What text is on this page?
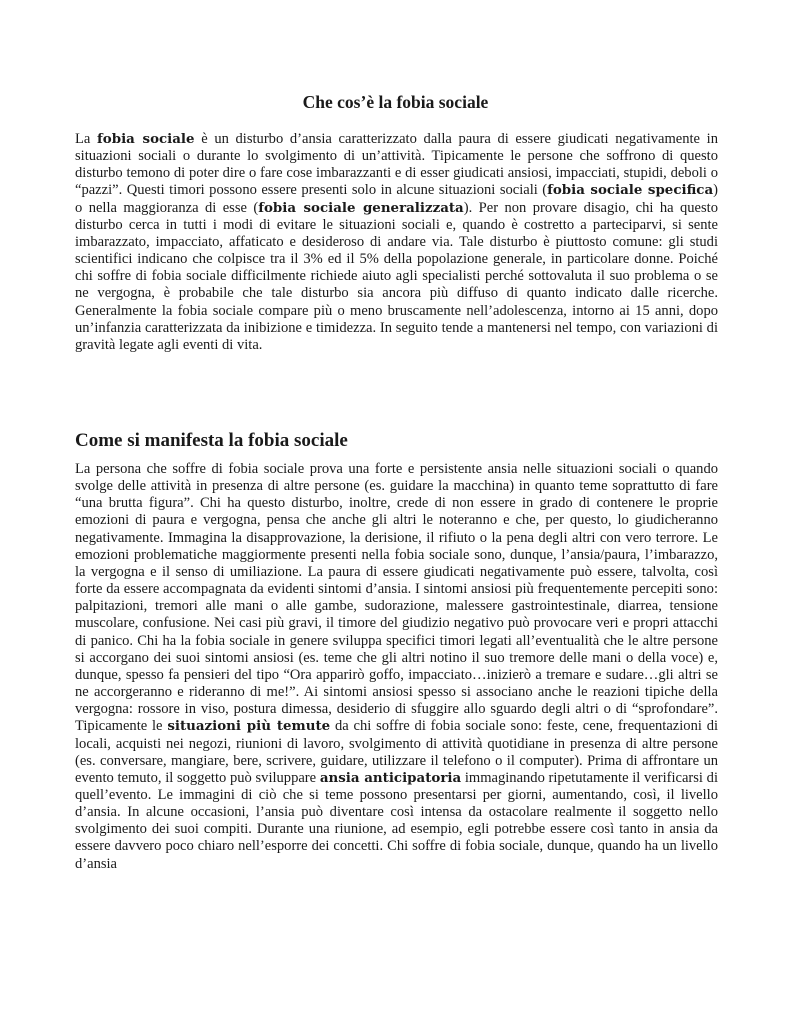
Che cos’è la fobia sociale

La fobia sociale è un disturbo d’ansia caratterizzato dalla paura di essere giudicati negativamente in situazioni sociali o durante lo svolgimento di un’attività. Tipicamente le persone che soffrono di questo disturbo temono di poter dire o fare cose imbarazzanti e di esser giudicati ansiosi, impacciati, stupidi, deboli o “pazzi”. Questi timori possono essere presenti solo in alcune situazioni sociali (fobia sociale specifica) o nella maggioranza di esse (fobia sociale generalizzata). Per non provare disagio, chi ha questo disturbo cerca in tutti i modi di evitare le situazioni sociali e, quando è costretto a parteciparvi, si sente imbarazzato, impacciato, affaticato e desideroso di andare via. Tale disturbo è piuttosto comune: gli studi scientifici indicano che colpisce tra il 3% ed il 5% della popolazione generale, in particolare donne. Poiché chi soffre di fobia sociale difficilmente richiede aiuto agli specialisti perché sottovaluta il suo problema o se ne vergogna, è probabile che tale disturbo sia ancora più diffuso di quanto indicato dalle ricerche. Generalmente la fobia sociale compare più o meno bruscamente nell’adolescenza, intorno ai 15 anni, dopo un’infanzia caratterizzata da inibizione e timidezza. In seguito tende a mantenersi nel tempo, con variazioni di gravità legate agli eventi di vita.

Come si manifesta la fobia sociale

La persona che soffre di fobia sociale prova una forte e persistente ansia nelle situazioni sociali o quando svolge delle attività in presenza di altre persone (es. guidare la macchina) in quanto teme soprattutto di fare “una brutta figura”. Chi ha questo disturbo, inoltre, crede di non essere in grado di contenere le proprie emozioni di paura e vergogna, pensa che anche gli altri le noteranno e che, per questo, lo giudicheranno negativamente. Immagina la disapprovazione, la derisione, il rifiuto o la pena degli altri con vero terrore. Le emozioni problematiche maggiormente presenti nella fobia sociale sono, dunque, l’ansia/paura, l’imbarazzo, la vergogna e il senso di umiliazione. La paura di essere giudicati negativamente può essere, talvolta, così forte da essere accompagnata da evidenti sintomi d’ansia. I sintomi ansiosi più frequentemente percepiti sono: palpitazioni, tremori alle mani o alle gambe, sudorazione, malessere gastrointestinale, diarrea, tensione muscolare, confusione. Nei casi più gravi, il timore del giudizio negativo può provocare veri e propri attacchi di panico. Chi ha la fobia sociale in genere sviluppa specifici timori legati all’eventualità che le altre persone si accorgano dei suoi sintomi ansiosi (es. teme che gli altri notino il suo tremore delle mani o della voce) e, dunque, spesso fa pensieri del tipo “Ora apparirò goffo, impacciato…inizierò a tremare e sudare…gli altri se ne accorgeranno e rideranno di me!”. Ai sintomi ansiosi spesso si associano anche le reazioni tipiche della vergogna: rossore in viso, postura dimessa, desiderio di sfuggire allo sguardo degli altri o di “sprofondare”. Tipicamente le situazioni più temute da chi soffre di fobia sociale sono: feste, cene, frequentazioni di locali, acquisti nei negozi, riunioni di lavoro, svolgimento di attività quotidiane in presenza di altre persone (es. conversare, mangiare, bere, scrivere, guidare, utilizzare il telefono o il computer). Prima di affrontare un evento temuto, il soggetto può sviluppare ansia anticipatoria immaginando ripetutamente il verificarsi di quell’evento. Le immagini di ciò che si teme possono presentarsi per giorni, aumentando, così, il livello d’ansia. In alcune occasioni, l’ansia può diventare così intensa da ostacolare realmente il soggetto nello svolgimento dei suoi compiti. Durante una riunione, ad esempio, egli potrebbe essere così tanto in ansia da essere davvero poco chiaro nell’esporre dei concetti. Chi soffre di fobia sociale, dunque, quando ha un livello d’ansia
